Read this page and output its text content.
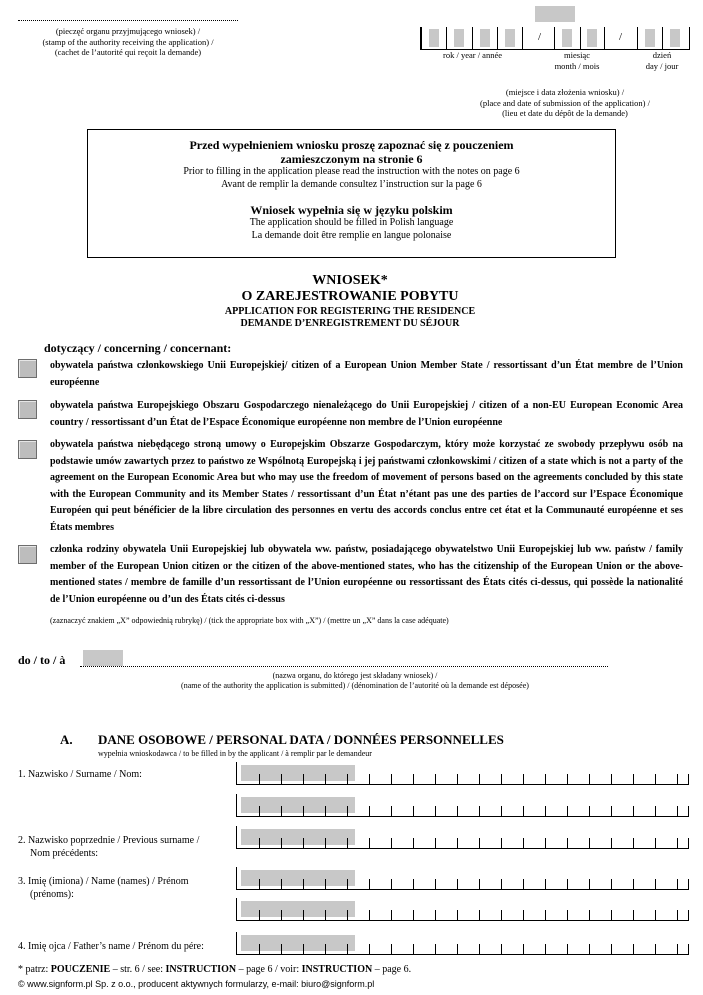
(pieczęć organu przyjmującego wniosek) /
(stamp of the authority receiving the application) /
(cachet de l’autorité qui reçoit la demande)
/	/
rok / year / année	miesiąc
month / mois
dzień
day / jour
(miejsce i data złożenia wniosku) /
(place and date of submission of the application) /
(lieu et date du dépôt de la demande)
Przed wypełnieniem wniosku proszę zapoznać się z pouczeniem
zamieszczonym na stronie 6
Prior to filling in the application please read the instruction with the notes on page 6
Avant de remplir la demande consultez l’instruction sur la page 6
Wniosek wypełnia się w języku polskim
The application should be filled in Polish language
La demande doit être remplie en langue polonaise
WNIOSEK*
O ZAREJESTROWANIE POBYTU
APPLICATION FOR REGISTERING THE RESIDENCE
DEMANDE D’ENREGISTREMENT DU SÉJOUR
dotyczący / concerning / concernant:
obywatela państwa członkowskiego Unii Europejskiej/ citizen of a European Union Member State / ressortissant d’un État membre de l’Union européenne
obywatela państwa Europejskiego Obszaru Gospodarczego nienależącego do Unii Europejskiej / citizen of a non-EU European Economic Area country / ressortissant d’un État de l’Espace Économique européenne non membre de l’Union européenne
obywatela państwa niebędącego stroną umowy o Europejskim Obszarze Gospodarczym, który może korzystać ze swobody przepływu osób na podstawie umów zawartych przez to państwo ze Wspólnotą Europejską i jej państwami członkowskimi / citizen of a state which is not a party of the agreement on the European Economic Area but who may use the freedom of movement of persons based on the agreements concluded by this state with the European Community and its Member States / ressortissant d’un État n’étant pas une des parties de l’accord sur l’Espace Économique Européen qui peut bénéficier de la libre circulation des personnes en vertu des accords conclus entre cet état et la Communauté européenne et ses États membres
członka rodziny obywatela Unii Europejskiej lub obywatela ww. państw, posiadającego obywatelstwo Unii Europejskiej lub ww. państw / family member of the European Union citizen or the citizen of the above-mentioned states, who has the citizenship of the European Union or the above-mentioned states / membre de famille d’un ressortissant de l’Union européenne ou ressortissant des États cités ci-dessus, qui possède la nationalité de l’Union européenne ou d’un des États cités ci-dessus
(zaznaczyć znakiem „X” odpowiednią rubrykę) / (tick the appropriate box with „X”) / (mettre un „X” dans la case adéquate)
do / to / à
(nazwa organu, do którego jest składany wniosek) /
(name of the authority the application is submitted) / (dénomination de l’autorité où la demande est déposée)
A. DANE OSOBOWE / PERSONAL DATA / DONNÉES PERSONNELLES
wypełnia wnioskodawca / to be filled in by the applicant / à remplir par le demandeur
1. Nazwisko / Surname / Nom:
2. Nazwisko poprzednie / Previous surname /
Nom précédents:
3. Imię (imiona) / Name (names) / Prénom
(prénoms):
4. Imię ojca / Father’s name / Prénom du pére:
* patrz: POUCZENIE – str. 6 / see: INSTRUCTION – page 6 / voir: INSTRUCTION – page 6.
© www.signform.pl Sp. z o.o., producent aktywnych formularzy, e-mail: biuro@signform.pl
